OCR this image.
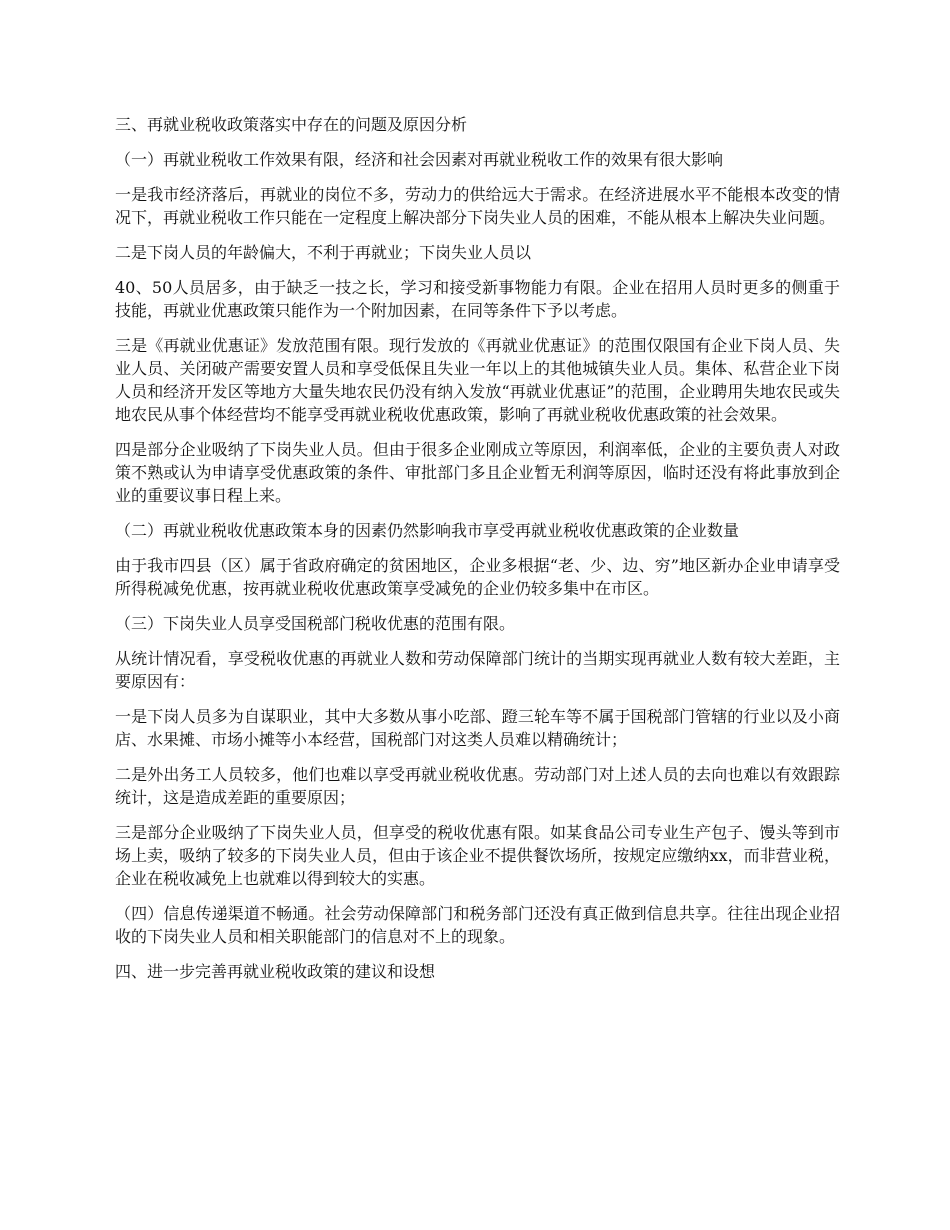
三、再就业税收政策落实中存在的问题及原因分析

（一）再就业税收工作效果有限，经济和社会因素对再就业税收工作的效果有很大影响

一是我市经济落后，再就业的岗位不多，劳动力的供给远大于需求。在经济进展水平不能根本改变的情况下，再就业税收工作只能在一定程度上解决部分下岗失业人员的困难，不能从根本上解决失业问题。

二是下岗人员的年龄偏大，不利于再就业；下岗失业人员以

40、50人员居多，由于缺乏一技之长，学习和接受新事物能力有限。企业在招用人员时更多的侧重于技能，再就业优惠政策只能作为一个附加因素，在同等条件下予以考虑。

三是《再就业优惠证》发放范围有限。现行发放的《再就业优惠证》的范围仅限国有企业下岗人员、失业人员、关闭破产需要安置人员和享受低保且失业一年以上的其他城镇失业人员。集体、私营企业下岗人员和经济开发区等地方大量失地农民仍没有纳入发放“再就业优惠证”的范围，企业聘用失地农民或失地农民从事个体经营均不能享受再就业税收优惠政策，影响了再就业税收优惠政策的社会效果。

四是部分企业吸纳了下岗失业人员。但由于很多企业刚成立等原因，利润率低，企业的主要负责人对政策不熟或认为申请享受优惠政策的条件、审批部门多且企业暂无利润等原因，临时还没有将此事放到企业的重要议事日程上来。

（二）再就业税收优惠政策本身的因素仍然影响我市享受再就业税收优惠政策的企业数量

由于我市四县（区）属于省政府确定的贫困地区，企业多根据“老、少、边、穷”地区新办企业申请享受所得税减免优惠，按再就业税收优惠政策享受减免的企业仍较多集中在市区。

（三）下岗失业人员享受国税部门税收优惠的范围有限。

从统计情况看，享受税收优惠的再就业人数和劳动保障部门统计的当期实现再就业人数有较大差距，主要原因有：

一是下岗人员多为自谋职业，其中大多数从事小吃部、蹬三轮车等不属于国税部门管辖的行业以及小商店、水果摊、市场小摊等小本经营，国税部门对这类人员难以精确统计；

二是外出务工人员较多，他们也难以享受再就业税收优惠。劳动部门对上述人员的去向也难以有效跟踪统计，这是造成差距的重要原因；

三是部分企业吸纳了下岗失业人员，但享受的税收优惠有限。如某食品公司专业生产包子、馒头等到市场上卖，吸纳了较多的下岗失业人员，但由于该企业不提供餐饮场所，按规定应缴纳xx，而非营业税，企业在税收减免上也就难以得到较大的实惠。

（四）信息传递渠道不畅通。社会劳动保障部门和税务部门还没有真正做到信息共享。往往出现企业招收的下岗失业人员和相关职能部门的信息对不上的现象。

四、进一步完善再就业税收政策的建议和设想
